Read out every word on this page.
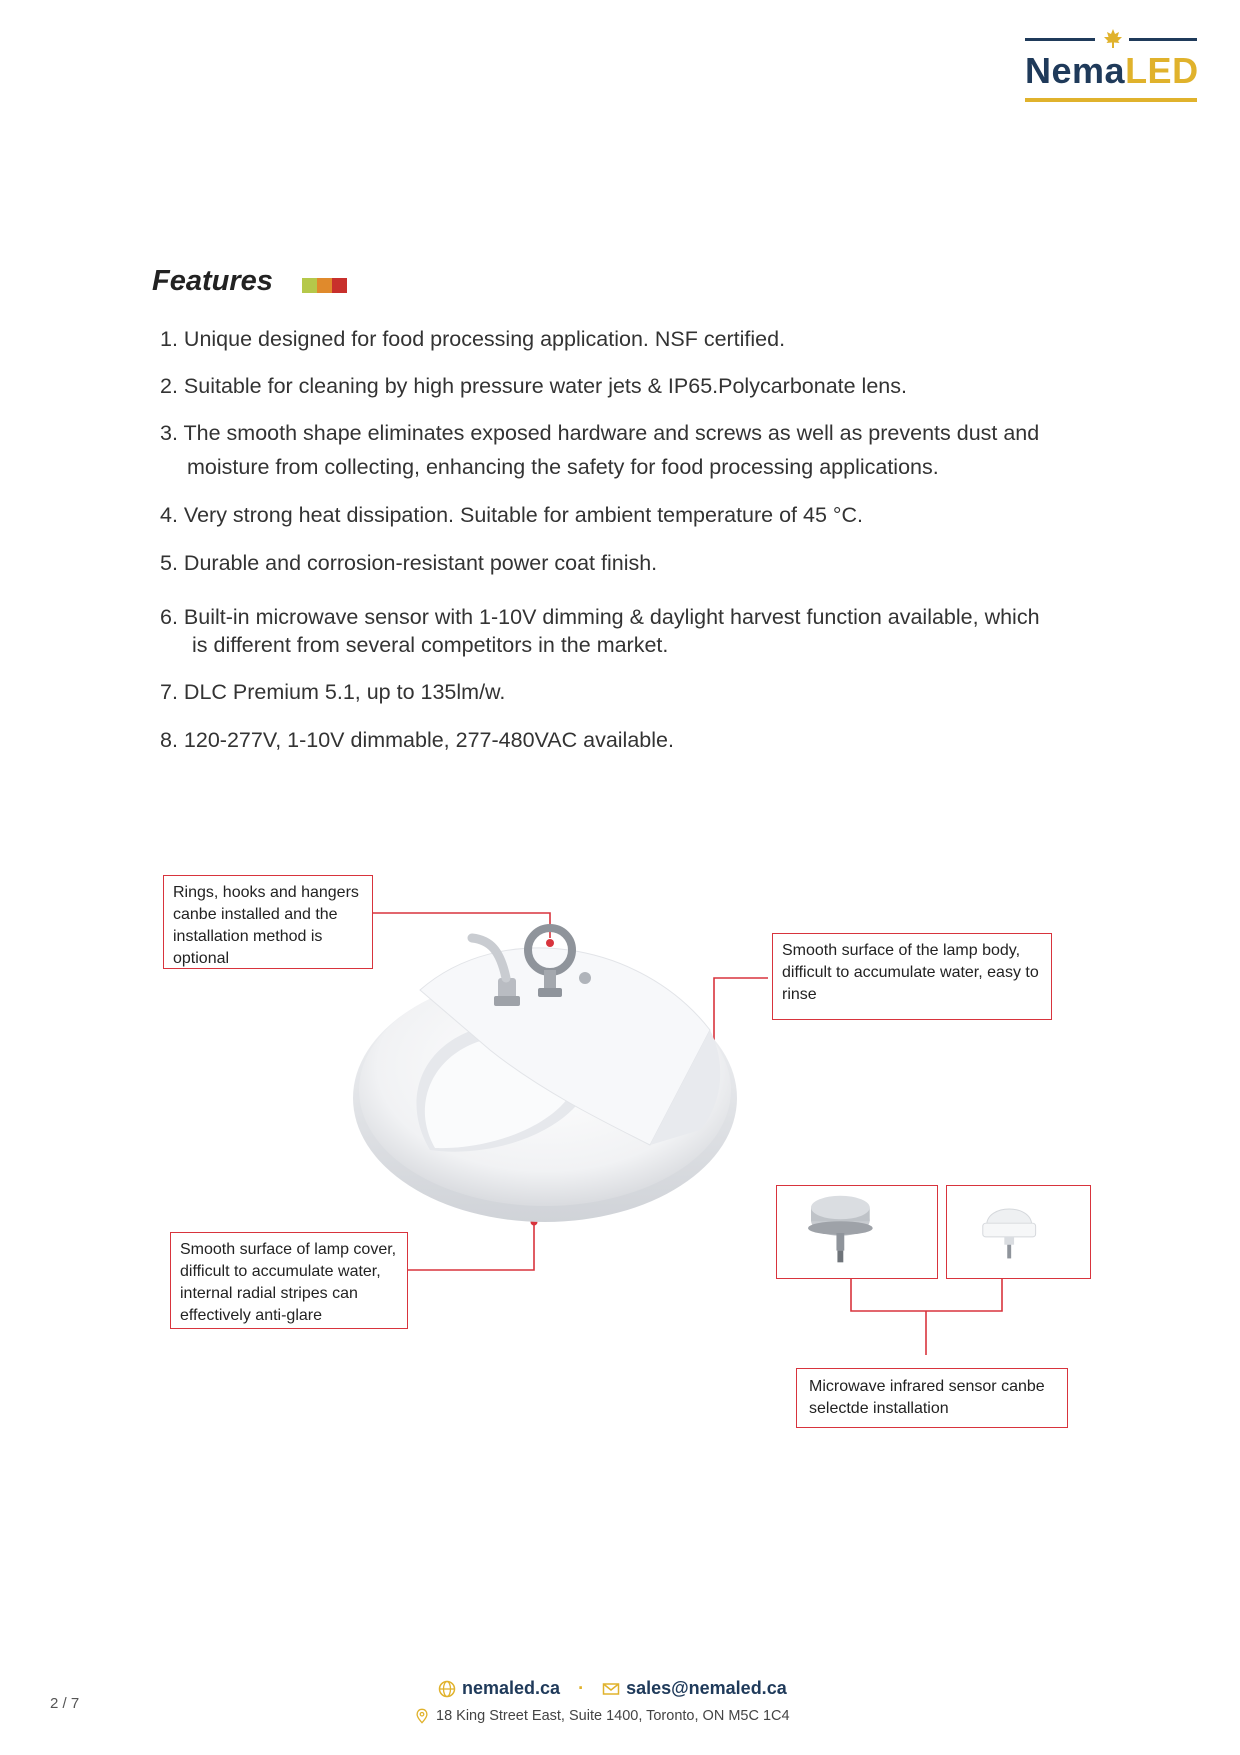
NemaLED
Features
1. Unique designed for food processing application. NSF certified.
2. Suitable for cleaning by high pressure water jets & IP65.Polycarbonate lens.
3. The smooth shape eliminates exposed hardware and screws as well as prevents dust and
moisture from collecting, enhancing the safety for food processing applications.
4. Very strong heat dissipation. Suitable for ambient temperature of 45 °C.
5. Durable and corrosion-resistant power coat finish.
6. Built-in microwave sensor with 1-10V dimming & daylight harvest function available, which
is different from several competitors in the market.
7. DLC Premium 5.1, up to 135lm/w.
8. 120-277V, 1-10V dimmable, 277-480VAC available.
Rings, hooks and hangers canbe installed and the installation method is optional	Smooth surface of the lamp body, difficult to accumulate water, easy to rinse
Smooth surface of lamp cover, difficult to accumulate water, internal radial stripes can effectively anti-glare
Microwave infrared sensor canbe selectde installation
nemaled.ca · sales@nemaled.ca
18 King Street East, Suite 1400, Toronto, ON M5C 1C4
2 / 7
